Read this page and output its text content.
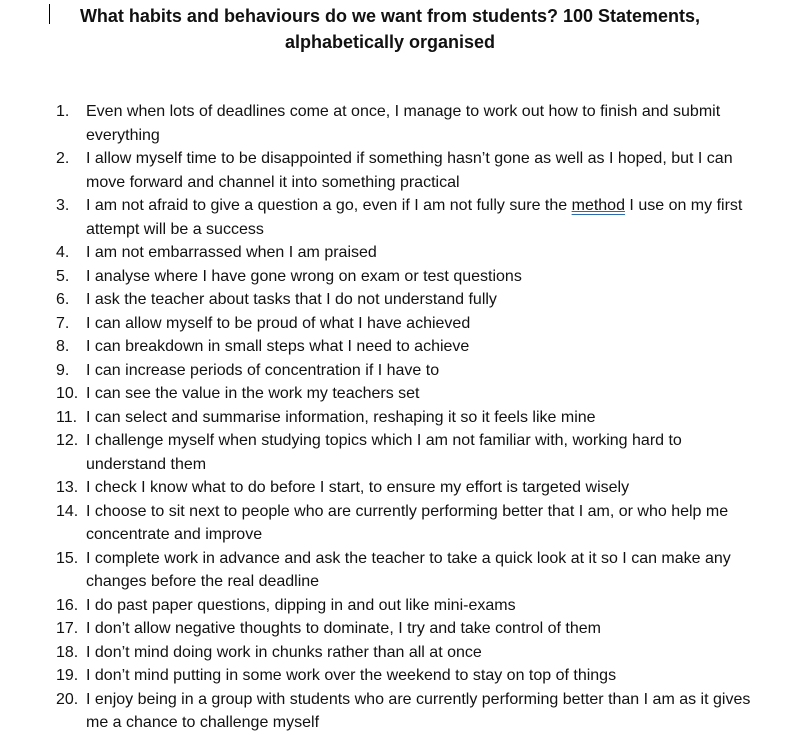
What habits and behaviours do we want from students? 100 Statements,
alphabetically organised
1. Even when lots of deadlines come at once, I manage to work out how to finish and submit everything
2. I allow myself time to be disappointed if something hasn’t gone as well as I hoped, but I can move forward and channel it into something practical
3. I am not afraid to give a question a go, even if I am not fully sure the method I use on my first attempt will be a success
4. I am not embarrassed when I am praised
5. I analyse where I have gone wrong on exam or test questions
6. I ask the teacher about tasks that I do not understand fully
7. I can allow myself to be proud of what I have achieved
8. I can breakdown in small steps what I need to achieve
9. I can increase periods of concentration if I have to
10. I can see the value in the work my teachers set
11. I can select and summarise information, reshaping it so it feels like mine
12. I challenge myself when studying topics which I am not familiar with, working hard to understand them
13. I check I know what to do before I start, to ensure my effort is targeted wisely
14. I choose to sit next to people who are currently performing better that I am, or who help me concentrate and improve
15. I complete work in advance and ask the teacher to take a quick look at it so I can make any changes before the real deadline
16. I do past paper questions, dipping in and out like mini-exams
17. I don’t allow negative thoughts to dominate, I try and take control of them
18. I don’t mind doing work in chunks rather than all at once
19. I don’t mind putting in some work over the weekend to stay on top of things
20. I enjoy being in a group with students who are currently performing better than I am as it gives me a chance to challenge myself
